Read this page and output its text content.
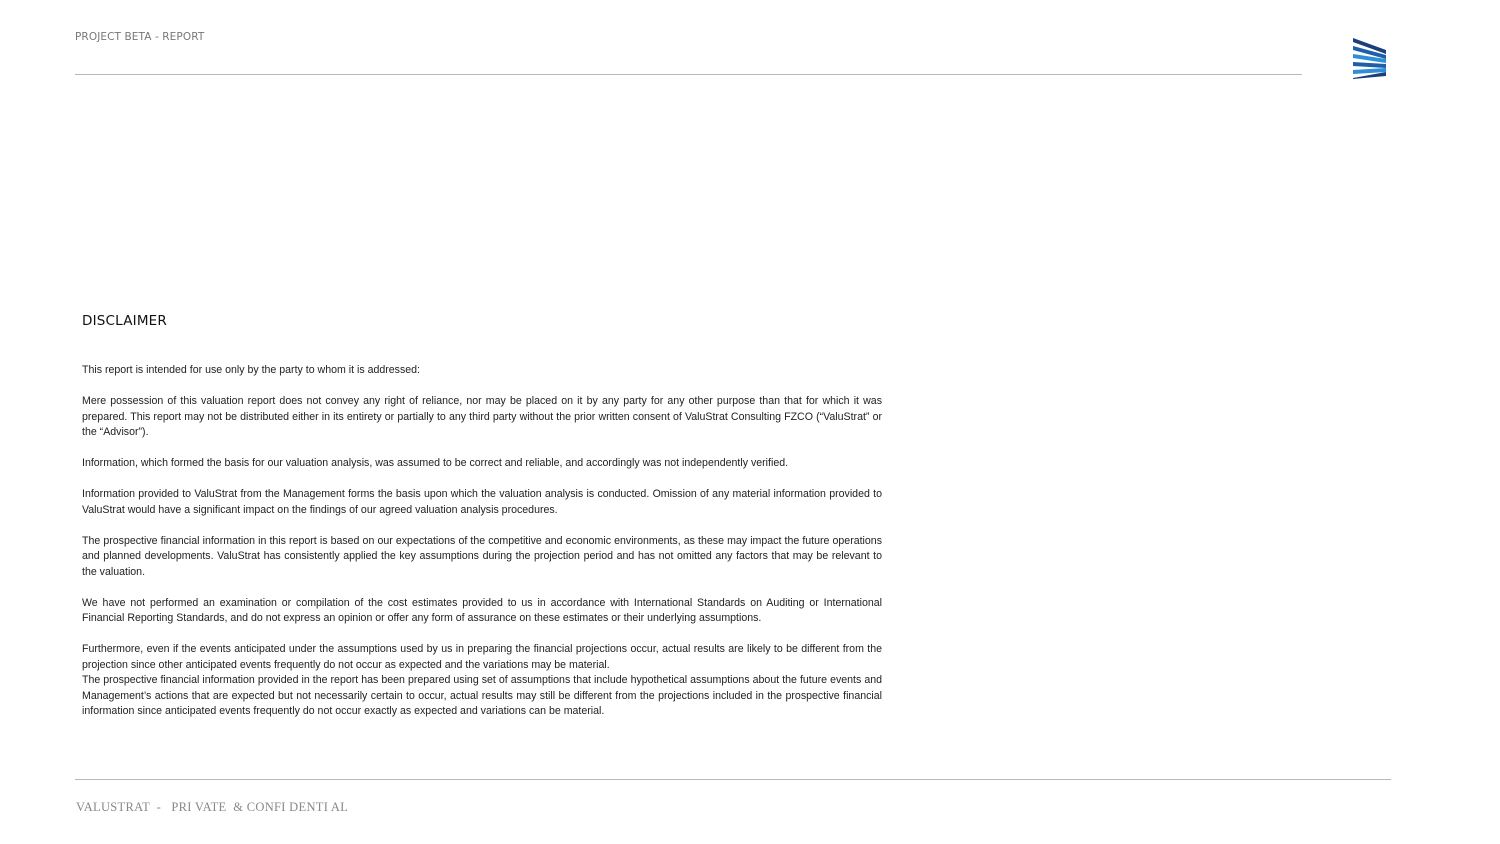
PROJECT BETA - REPORT
DISCLAIMER

This report is intended for use only by the party to whom it is addressed:

Mere possession of this valuation report does not convey any right of reliance, nor may be placed on it by any party for any other purpose than that for which it was prepared. This report may not be distributed either in its entirety or partially to any third party without the prior written consent of ValuStrat Consulting FZCO (“ValuStrat” or the “Advisor”).

Information, which formed the basis for our valuation analysis, was assumed to be correct and reliable, and accordingly was not independently verified.

Information provided to ValuStrat from the Management forms the basis upon which the valuation analysis is conducted. Omission of any material information provided to ValuStrat would have a significant impact on the findings of our agreed valuation analysis procedures.

The prospective financial information in this report is based on our expectations of the competitive and economic environments, as these may impact the future operations and planned developments. ValuStrat has consistently applied the key assumptions during the projection period and has not omitted any factors that may be relevant to the valuation.

We have not performed an examination or compilation of the cost estimates provided to us in accordance with International Standards on Auditing or International Financial Reporting Standards, and do not express an opinion or offer any form of assurance on these estimates or their underlying assumptions.

Furthermore, even if the events anticipated under the assumptions used by us in preparing the financial projections occur, actual results are likely to be different from the projection since other anticipated events frequently do not occur as expected and the variations may be material.

The prospective financial information provided in the report has been prepared using set of assumptions that include hypothetical assumptions about the future events and Management’s actions that are expected but not necessarily certain to occur, actual results may still be different from the projections included in the prospective financial information since anticipated events frequently do not occur exactly as expected and variations can be material.

VALUSTRAT  -   PRI VATE  & CONFI DENTI AL
